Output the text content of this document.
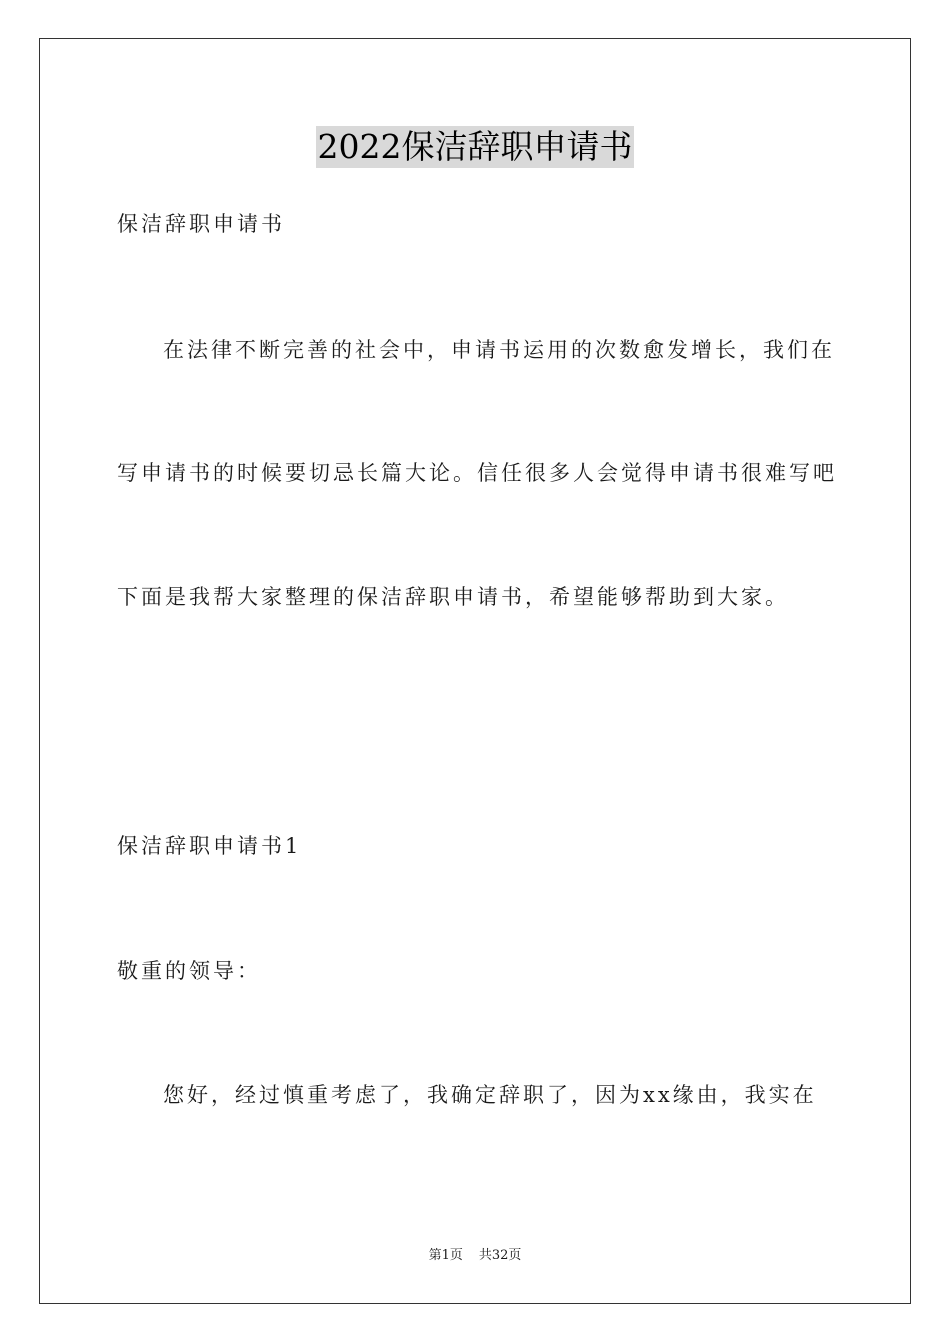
2022保洁辞职申请书
保洁辞职申请书
在法律不断完善的社会中，申请书运用的次数愈发增长，我们在
写申请书的时候要切忌长篇大论。信任很多人会觉得申请书很难写吧
下面是我帮大家整理的保洁辞职申请书，希望能够帮助到大家。
保洁辞职申请书1
敬重的领导：
您好，经过慎重考虑了，我确定辞职了，因为xx缘由，我实在
第1页 共32页
